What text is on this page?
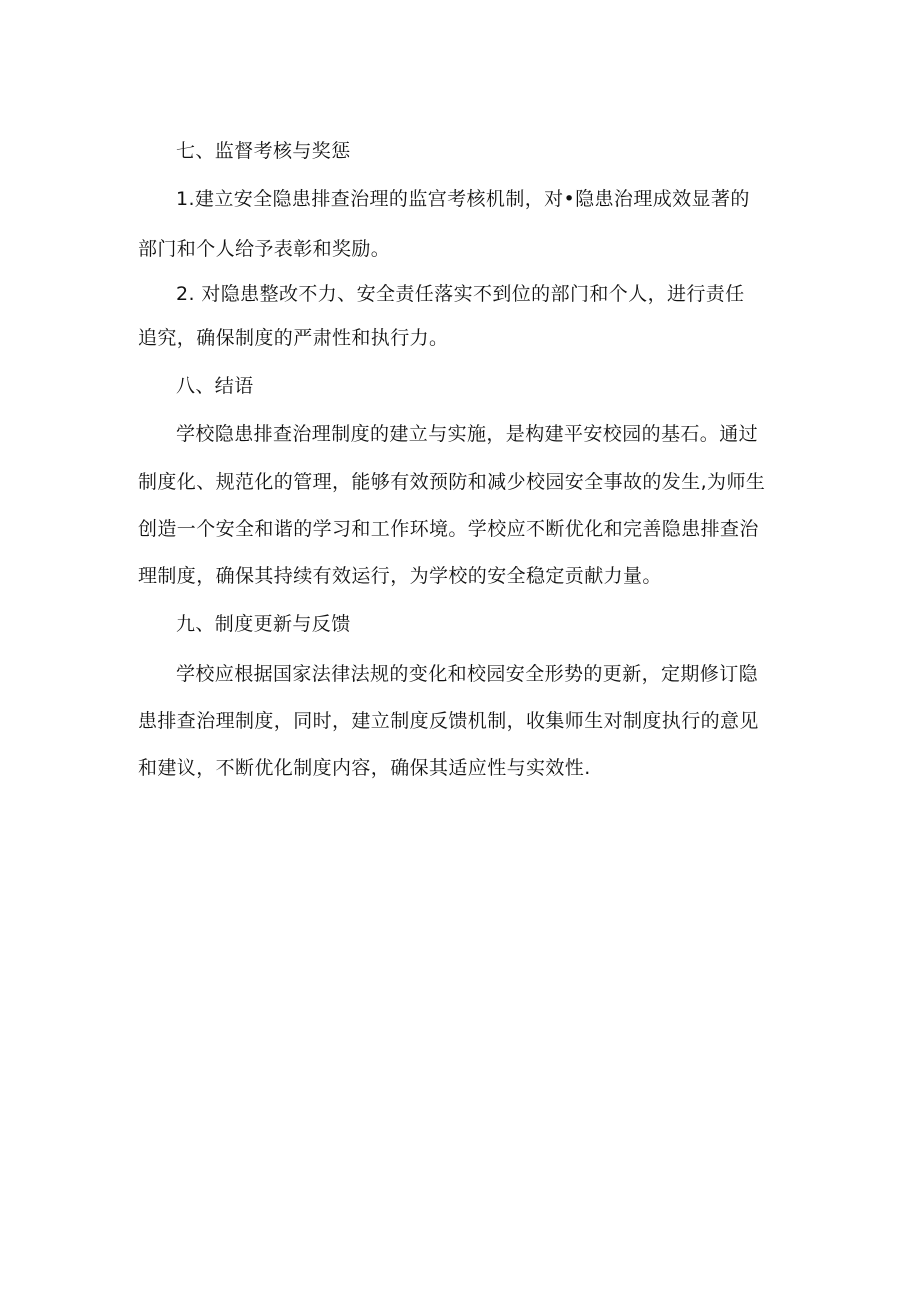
七、监督考核与奖惩
1.建立安全隐患排查治理的监宫考核机制，对•隐患治理成效显著的
部门和个人给予表彰和奖励。
2. 对隐患整改不力、安全责任落实不到位的部门和个人，进行责任
追究，确保制度的严肃性和执行力。
八、结语
学校隐患排查治理制度的建立与实施，是构建平安校园的基石。通过
制度化、规范化的管理，能够有效预防和减少校园安全事故的发生,为师生
创造一个安全和谐的学习和工作环境。学校应不断优化和完善隐患排查治
理制度，确保其持续有效运行，为学校的安全稳定贡献力量。
九、制度更新与反馈
学校应根据国家法律法规的变化和校园安全形势的更新，定期修订隐
患排查治理制度，同时，建立制度反馈机制，收集师生对制度执行的意见
和建议，不断优化制度内容，确保其适应性与实效性.
